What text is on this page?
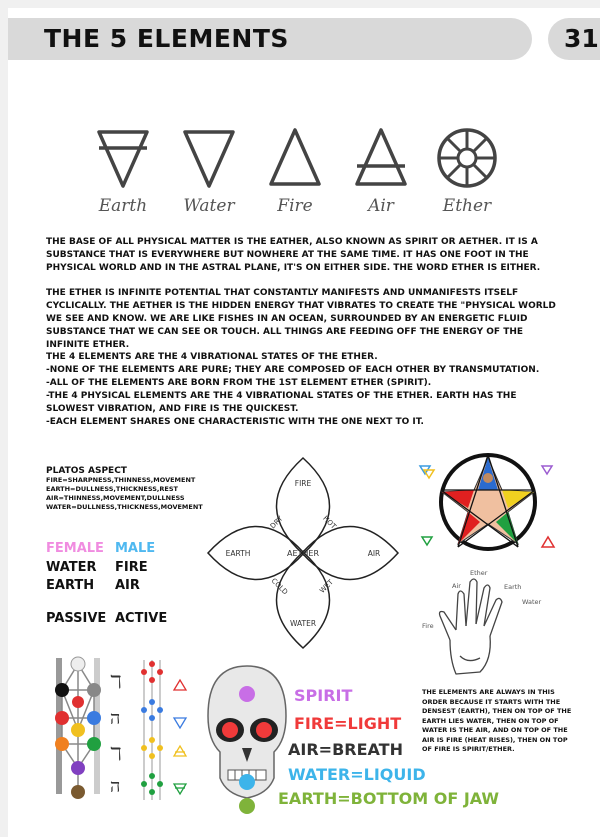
THE 5 ELEMENTS	31
Earth	Water	Fire	Air	Ether

THE BASE OF ALL PHYSICAL MATTER IS THE EATHER, ALSO KNOWN AS SPIRIT OR AETHER. IT IS A SUBSTANCE THAT IS EVERYWHERE BUT NOWHERE AT THE SAME TIME. IT HAS ONE FOOT IN THE PHYSICAL WORLD AND IN THE ASTRAL PLANE, IT'S ON EITHER SIDE. THE WORD ETHER IS EITHER.

THE ETHER IS INFINITE POTENTIAL THAT CONSTANTLY MANIFESTS AND UNMANIFESTS ITSELF CYCLICALLY. THE AETHER IS THE HIDDEN ENERGY THAT VIBRATES TO CREATE THE "PHYSICAL WORLD WE SEE AND KNOW. WE ARE LIKE FISHES IN AN OCEAN, SURROUNDED BY AN ENERGETIC FLUID SUBSTANCE THAT WE CAN SEE OR TOUCH. ALL THINGS ARE FEEDING OFF THE ENERGY OF THE INFINITE ETHER.

THE 4 ELEMENTS ARE THE 4 VIBRATIONAL STATES OF THE ETHER.

-NONE OF THE ELEMENTS ARE PURE; THEY ARE COMPOSED OF EACH OTHER BY TRANSMUTATION.

-ALL OF THE ELEMENTS ARE BORN FROM THE 1ST ELEMENT ETHER (SPIRIT).

-THE 4 PHYSICAL ELEMENTS ARE THE 4 VIBRATIONAL STATES OF THE ETHER. EARTH HAS THE SLOWEST VIBRATION, AND FIRE IS THE QUICKEST.

-EACH ELEMENT SHARES ONE CHARACTERISTIC WITH THE ONE NEXT TO IT.

PLATOS ASPECT
FIRE=SHARPNESS,THINNESS,MOVEMENT
EARTH=DULLNESS,THICKNESS,REST
AIR=THINNESS,MOVEMENT,DULLNESS
WATER=DULLNESS,THICKNESS,MOVEMENT
FEMALE MALE
WATER FIRE
EARTH AIR
PASSIVE ACTIVE
FIRE
EARTH	AETHER	AIR
WATER
DRY	HOT
COLD	WET
Ether
Air	Earth
Water
Fire
ℸ
ה
ℸ
ה
SPIRIT
FIRE=LIGHT
AIR=BREATH
WATER=LIQUID
EARTH=BOTTOM OF JAW

THE ELEMENTS ARE ALWAYS IN THIS ORDER BECAUSE IT STARTS WITH THE DENSEST (EARTH), THEN ON TOP OF THE EARTH LIES WATER, THEN ON TOP OF WATER IS THE AIR, AND ON TOP OF THE AIR IS FIRE (HEAT RISES), THEN ON TOP OF FIRE IS SPIRIT/ETHER.
